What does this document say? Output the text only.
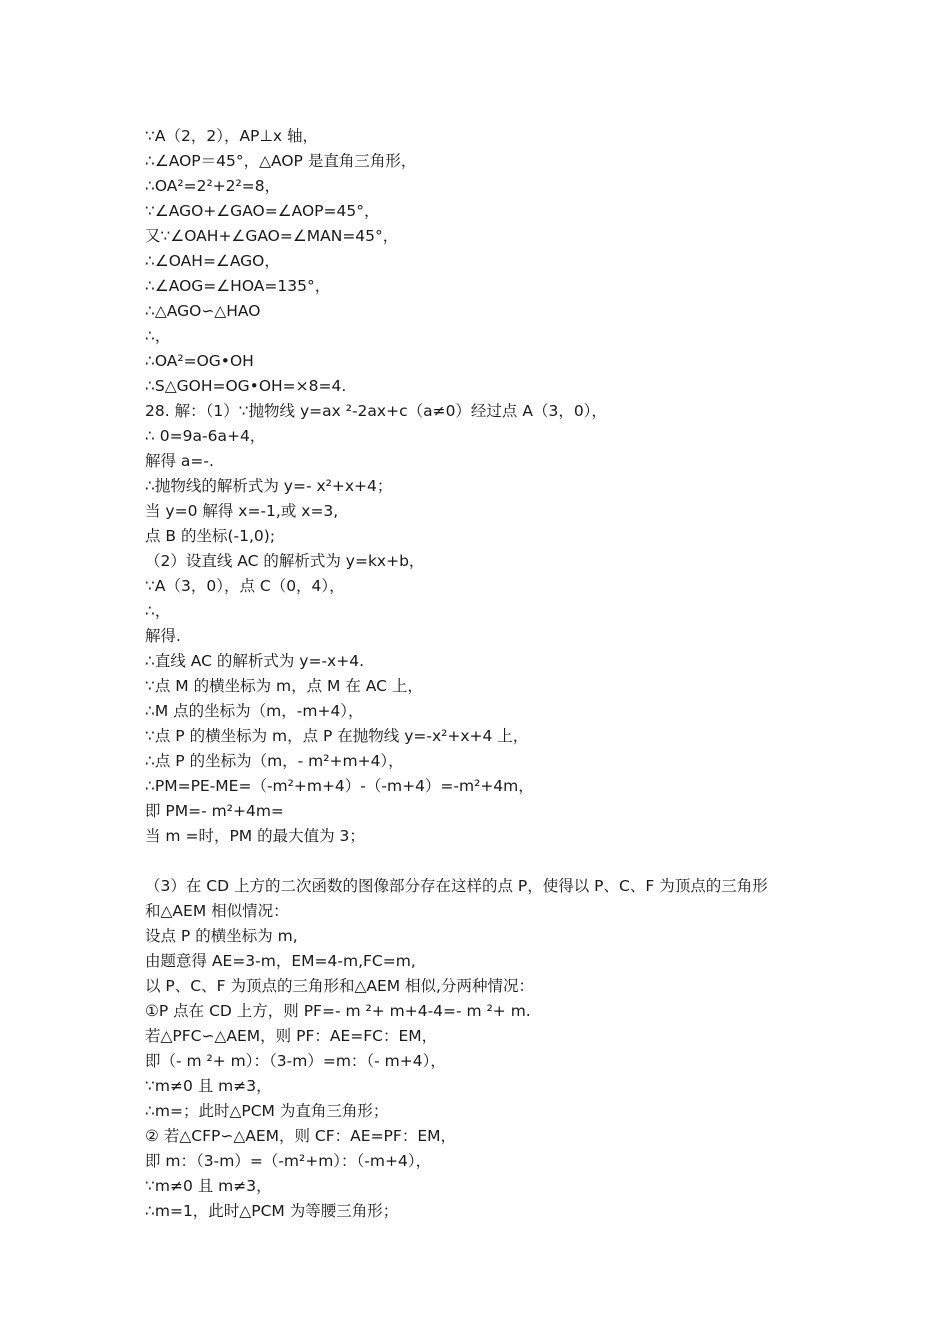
∵A（2，2），AP⊥x 轴，
∴∠AOP＝45°，△AOP 是直角三角形，
∴OA²=2²+2²=8，
∵∠AGO+∠GAO=∠AOP=45°，
又∵∠OAH+∠GAO=∠MAN=45°，
∴∠OAH=∠AGO，
∴∠AOG=∠HOA=135°，
∴△AGO∽△HAO
∴，
∴OA²=OG•OH
∴S△GOH=OG•OH=×8=4.
28. 解：（1）∵抛物线 y=ax ²-2ax+c（a≠0）经过点 A（3，0），
∴ 0=9a-6a+4，
解得 a=-.
∴抛物线的解析式为 y=- x²+x+4；
当 y=0 解得 x=-1,或 x=3,
点 B 的坐标(-1,0);
（2）设直线 AC 的解析式为 y=kx+b，
∵A（3，0），点 C（0，4），
∴，
解得.
∴直线 AC 的解析式为 y=-x+4.
∵点 M 的横坐标为 m，点 M 在 AC 上，
∴M 点的坐标为（m，-m+4），
∵点 P 的横坐标为 m，点 P 在抛物线 y=-x²+x+4 上，
∴点 P 的坐标为（m，- m²+m+4），
∴PM=PE-ME=（-m²+m+4）-（-m+4）=-m²+4m，
即 PM=- m²+4m=
当 m =时，PM 的最大值为 3；
（3）在 CD 上方的二次函数的图像部分存在这样的点 P，使得以 P、C、F 为顶点的三角形
和△AEM 相似情况：
设点 P 的横坐标为 m,
由题意得 AE=3-m，EM=4-m,FC=m,
以 P、C、F 为顶点的三角形和△AEM 相似,分两种情况：
①P 点在 CD 上方，则 PF=- m ²+ m+4-4=- m ²+ m.
若△PFC∽△AEM，则 PF：AE=FC：EM，
即（- m ²+ m）：（3-m）=m：（- m+4），
∵m≠0 且 m≠3，
∴m=；此时△PCM 为直角三角形；
② 若△CFP∽△AEM，则 CF：AE=PF：EM，
即 m：（3-m）=（-m²+m）：（-m+4），
∵m≠0 且 m≠3，
∴m=1，此时△PCM 为等腰三角形；
